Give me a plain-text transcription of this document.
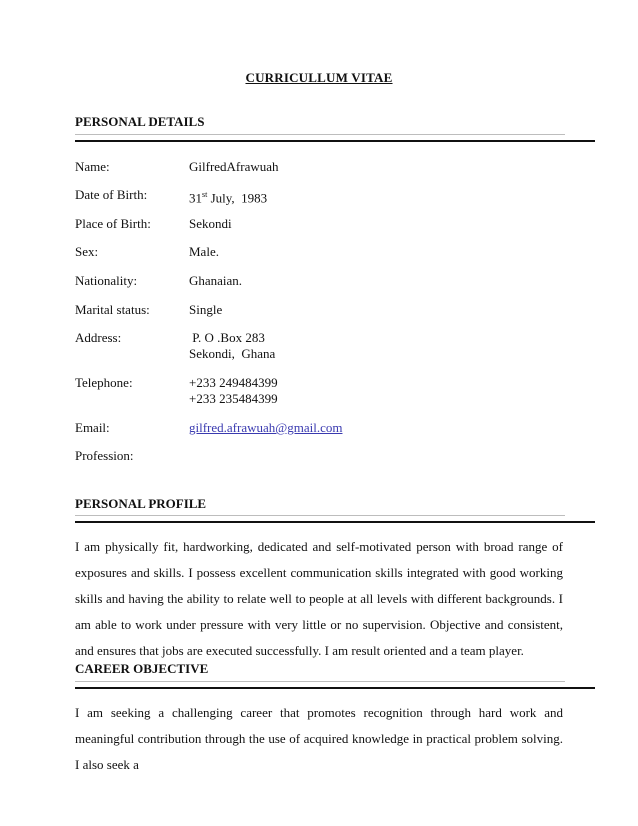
CURRICULLUM VITAE
PERSONAL DETAILS
Name:	GilfredAfrawuah
Date of Birth:	31st July,  1983
Place of Birth:	Sekondi
Sex:	Male.
Nationality:	Ghanaian.
Marital status:	Single
Address:	P. O .Box 283
Sekondi,  Ghana
Telephone:	+233 249484399
+233 235484399
Email:	gilfred.afrawuah@gmail.com
Profession:
PERSONAL PROFILE
I am physically fit, hardworking, dedicated and self-motivated person with broad range of exposures and skills. I possess excellent communication skills integrated with good working skills and having the ability to relate well to people at all levels with different backgrounds. I am able to work under pressure with very little or no supervision. Objective and consistent, and ensures that jobs are executed successfully. I am result oriented and a team player.
CAREER OBJECTIVE
I am seeking a challenging career that promotes recognition through hard work and meaningful contribution through the use of acquired knowledge in practical problem solving. I also seek a
